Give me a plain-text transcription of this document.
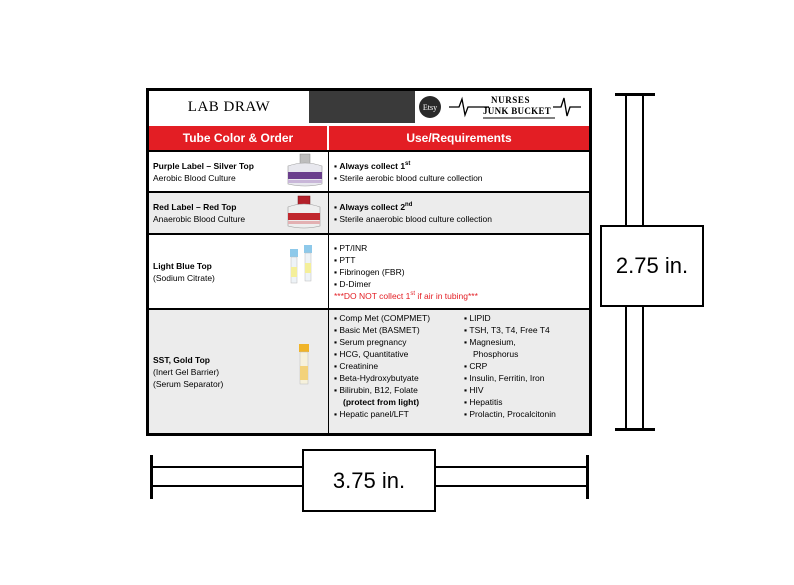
LAB DRAW	Etsy
NURSES
JUNK BUCKET
Tube Color & Order	Use/Requirements
Purple Label – Silver Top
Aerobic Blood Culture
▪ Always collect 1st
▪ Sterile aerobic blood culture collection
Red Label – Red Top
Anaerobic Blood Culture
▪ Always collect 2nd
▪ Sterile anaerobic blood culture collection
Light Blue Top
(Sodium Citrate)
▪ PT/INR
▪ PTT
▪ Fibrinogen (FBR)
▪ D-Dimer
***DO NOT collect 1st if air in tubing***
SST, Gold Top
(Inert Gel Barrier)
(Serum Separator)
▪ Comp Met (COMPMET)
▪ Basic Met (BASMET)
▪ Serum pregnancy
▪ HCG, Quantitative
▪ Creatinine
▪ Beta-Hydroxybutyate
▪ Bilirubin, B12, Folate
(protect from light)
▪ Hepatic panel/LFT
▪ LIPID
▪ TSH, T3, T4, Free T4
▪ Magnesium,
Phosphorus
▪ CRP
▪ Insulin, Ferritin, Iron
▪ HIV
▪ Hepatitis
▪ Prolactin, Procalcitonin
2.75 in.
3.75 in.
